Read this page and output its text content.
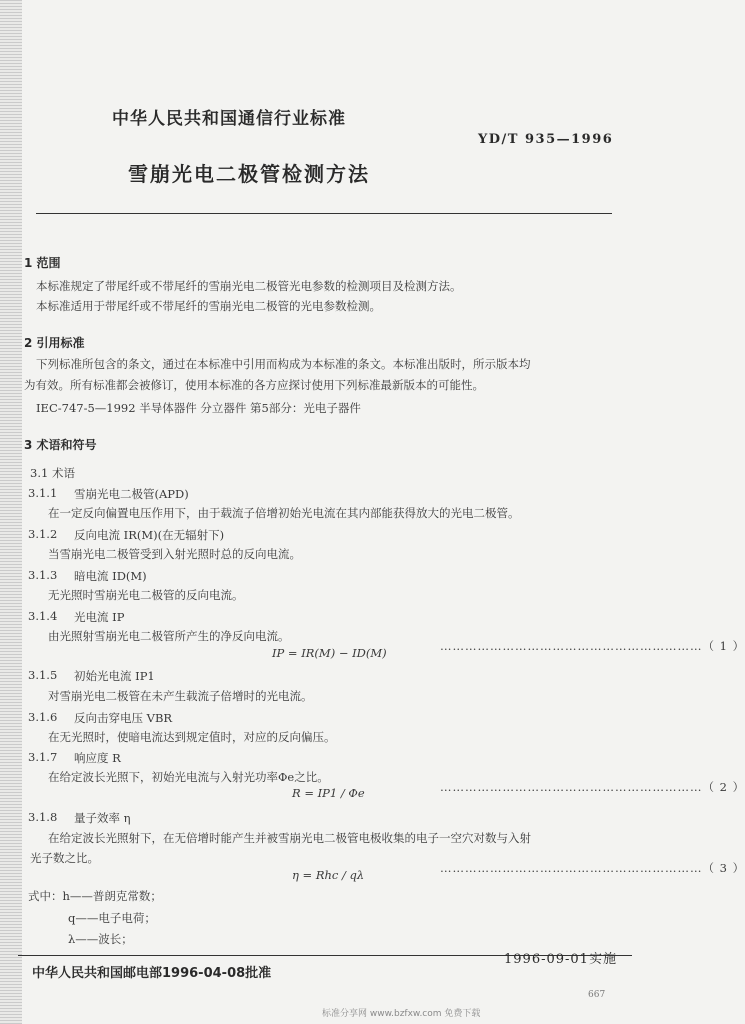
中华人民共和国通信行业标准
YD/T 935—1996
雪崩光电二极管检测方法
1 范围
本标准规定了带尾纤或不带尾纤的雪崩光电二极管光电参数的检测项目及检测方法。
本标准适用于带尾纤或不带尾纤的雪崩光电二极管的光电参数检测。
2 引用标准
下列标准所包含的条文，通过在本标准中引用而构成为本标准的条文。本标准出版时，所示版本均
为有效。所有标准都会被修订，使用本标准的各方应探讨使用下列标准最新版本的可能性。
IEC-747-5—1992 半导体器件 分立器件 第5部分：光电子器件
3 术语和符号
3.1 术语
3.1.1 雪崩光电二极管(APD)
在一定反向偏置电压作用下，由于载流子倍增初始光电流在其内部能获得放大的光电二极管。
3.1.2 反向电流 IR(M)(在无辐射下)
当雪崩光电二极管受到入射光照时总的反向电流。
3.1.3 暗电流 ID(M)
无光照时雪崩光电二极管的反向电流。
3.1.4 光电流 IP
由光照射雪崩光电二极管所产生的净反向电流。
IP = IR(M) − ID(M)	………………………………………………………（ 1 ）
3.1.5 初始光电流 IP1
对雪崩光电二极管在未产生载流子倍增时的光电流。
3.1.6 反向击穿电压 VBR
在无光照时，使暗电流达到规定值时，对应的反向偏压。
3.1.7 响应度 R
在给定波长光照下，初始光电流与入射光功率Φe之比。
R = IP1 / Φe	………………………………………………………（ 2 ）
3.1.8 量子效率 η
在给定波长光照射下，在无倍增时能产生并被雪崩光电二极管电极收集的电子一空穴对数与入射
光子数之比。
η = Rhc / qλ	………………………………………………………（ 3 ）
式中：h——普朗克常数；
q——电子电荷；
λ——波长；
中华人民共和国邮电部1996-04-08批准
1996-09-01实施
667
标准分享网 www.bzfxw.com 免费下载
